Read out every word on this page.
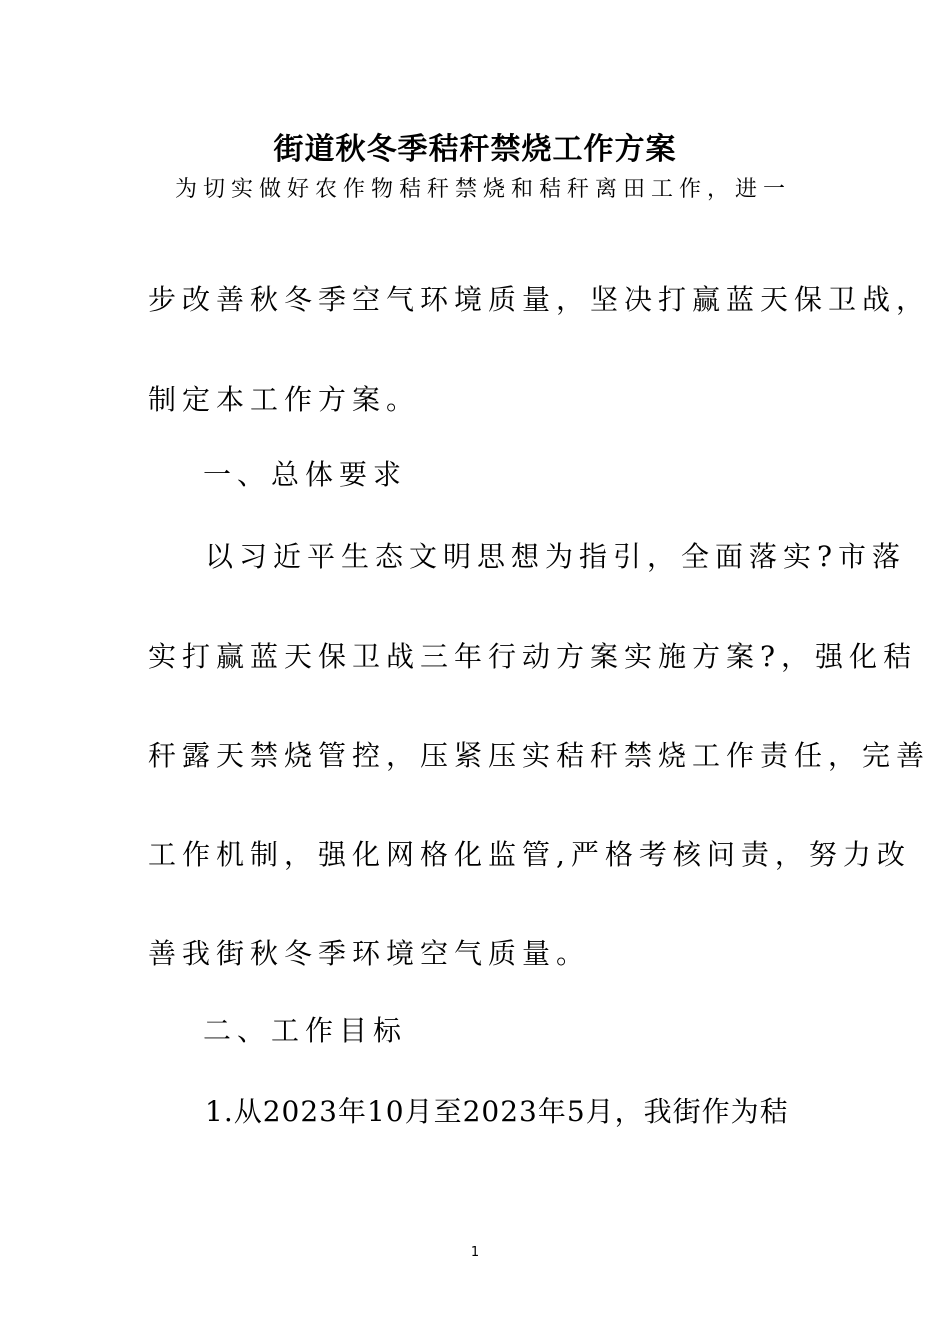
街道秋冬季秸秆禁烧工作方案
为切实做好农作物秸秆禁烧和秸秆离田工作，进一
步改善秋冬季空气环境质量，坚决打赢蓝天保卫战，
制定本工作方案。
一、总体要求
以习近平生态文明思想为指引，全面落实?市落
实打赢蓝天保卫战三年行动方案实施方案?，强化秸
秆露天禁烧管控，压紧压实秸秆禁烧工作责任，完善
工作机制，强化网格化监管,严格考核问责，努力改
善我街秋冬季环境空气质量。
二、工作目标
1.从2023年10月至2023年5月，我街作为秸
1
